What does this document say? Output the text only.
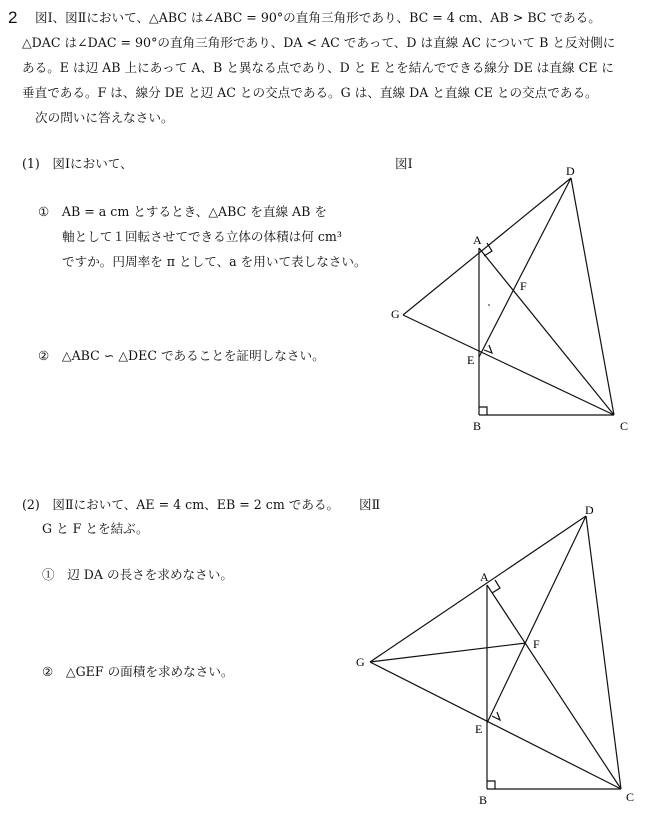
2 図Ⅰ、図Ⅱにおいて、△ABC は∠ABC = 90°の直角三角形であり、BC = 4 cm、AB > BC である。
△DAC は∠DAC = 90°の直角三角形であり、DA < AC であって、D は直線 AC について B と反対側に
ある。E は辺 AB 上にあって A、B と異なる点であり、D と E とを結んでできる線分 DE は直線 CE に
垂直である。F は、線分 DE と辺 AC との交点である。G は、直線 DA と直線 CE との交点である。
次の問いに答えなさい。
(1)　図Ⅰにおいて、	図Ⅰ
①　AB = a cm とするとき、△ABC を直線 AB を
軸として１回転させてできる立体の体積は何 cm³
ですか。円周率を π として、a を用いて表しなさい。
②　△ABC ∽ △DEC であることを証明しなさい。
A
B	C
D
E
F
G
(2)　図Ⅱにおいて、AE = 4 cm、EB = 2 cm である。 図Ⅱ
G と F とを結ぶ。
①　辺 DA の長さを求めなさい。
②　△GEF の面積を求めなさい。
A
B	C
D
E
F
G
